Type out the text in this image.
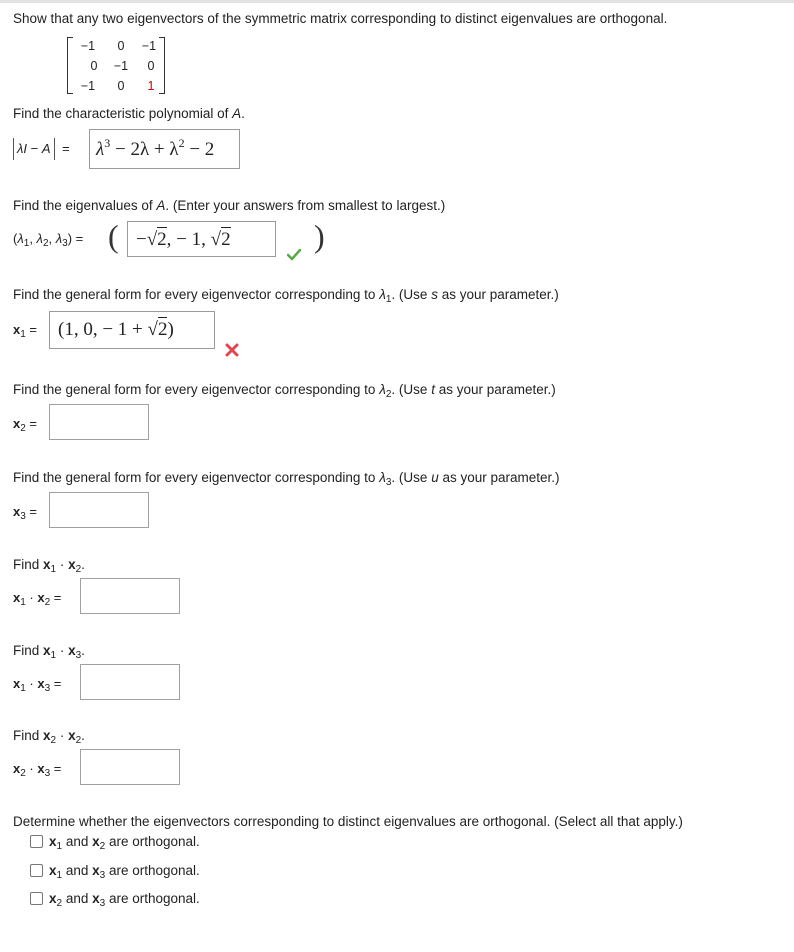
Show that any two eigenvectors of the symmetric matrix corresponding to distinct eigenvalues are orthogonal.
−1	0	−1
0	−1	0
−1	0	1
Find the characteristic polynomial of A.
$\lambda I - A = \lambda^3 - 2\lambda + \lambda^2 - 2$
Find the eigenvalues of A. (Enter your answers from smallest to largest.)
($\lambda_1$, $\lambda_2$, $\lambda_3$) = ( −√2, − 1, √2	)
Find the general form for every eigenvector corresponding to $\lambda_1$. (Use s as your parameter.)
$x_1 = (1$, 0, − 1 + √2)
Find the general form for every eigenvector corresponding to $\lambda_2$. (Use t as your parameter.)
$x_2$ =
Find the general form for every eigenvector corresponding to $\lambda_3$. (Use u as your parameter.)
$x_3$ =
Find $x_1 \cdot x_2$.
$x_1 \cdot x_2$ =
Find $x_1 \cdot x_3$.
$x_1 \cdot x_3$ =
Find $x_2 \cdot x_2$.
$x_2 \cdot x_3$ =
Determine whether the eigenvectors corresponding to distinct eigenvalues are orthogonal. (Select all that apply.)
$x_1$ and $x_2$ are orthogonal.
$x_1$ and $x_3$ are orthogonal.
$x_2$ and $x_3$ are orthogonal.
